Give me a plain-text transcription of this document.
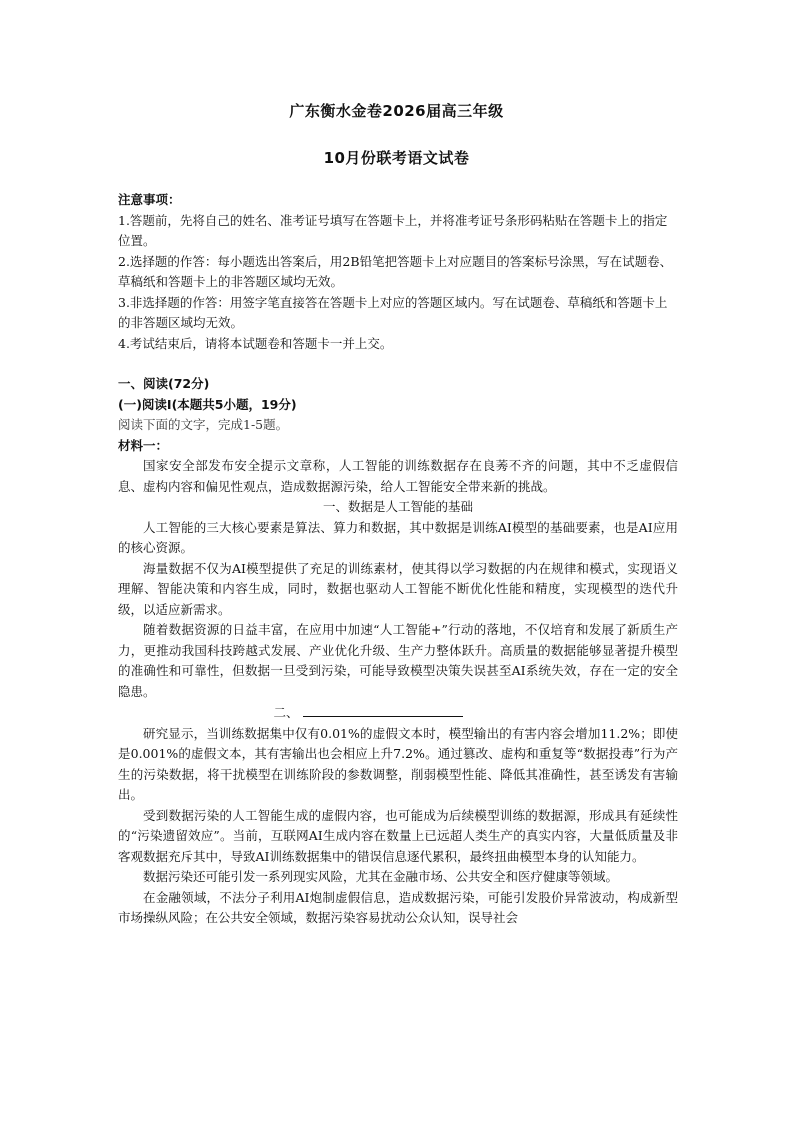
广东衡水金卷2026届高三年级
10月份联考语文试卷

注意事项：

1.答题前，先将自己的姓名、准考证号填写在答题卡上，并将准考证号条形码粘贴在答题卡上的指定位置。

2.选择题的作答：每小题选出答案后，用2B铅笔把答题卡上对应题目的答案标号涂黑，写在试题卷、草稿纸和答题卡上的非答题区域均无效。

3.非选择题的作答：用签字笔直接答在答题卡上对应的答题区域内。写在试题卷、草稿纸和答题卡上的非答题区域均无效。

4.考试结束后，请将本试题卷和答题卡一并上交。

一、阅读(72分)

(一)阅读Ⅰ(本题共5小题，19分)

阅读下面的文字，完成1-5题。

材料一：

国家安全部发布安全提示文章称，人工智能的训练数据存在良莠不齐的问题，其中不乏虚假信息、虚构内容和偏见性观点，造成数据源污染，给人工智能安全带来新的挑战。

一、数据是人工智能的基础

人工智能的三大核心要素是算法、算力和数据，其中数据是训练AI模型的基础要素，也是AI应用的核心资源。

海量数据不仅为AI模型提供了充足的训练素材，使其得以学习数据的内在规律和模式，实现语义理解、智能决策和内容生成，同时，数据也驱动人工智能不断优化性能和精度，实现模型的迭代升级，以适应新需求。

随着数据资源的日益丰富，在应用中加速“人工智能+”行动的落地，不仅培育和发展了新质生产力，更推动我国科技跨越式发展、产业优化升级、生产力整体跃升。高质量的数据能够显著提升模型的准确性和可靠性，但数据一旦受到污染，可能导致模型决策失误甚至AI系统失效，存在一定的安全隐患。

二、

研究显示，当训练数据集中仅有0.01%的虚假文本时，模型输出的有害内容会增加11.2%；即使是0.001%的虚假文本，其有害输出也会相应上升7.2%。通过篡改、虚构和重复等“数据投毒”行为产生的污染数据，将干扰模型在训练阶段的参数调整，削弱模型性能、降低其准确性，甚至诱发有害输出。

受到数据污染的人工智能生成的虚假内容，也可能成为后续模型训练的数据源，形成具有延续性的“污染遗留效应”。当前，互联网AI生成内容在数量上已远超人类生产的真实内容，大量低质量及非客观数据充斥其中，导致AI训练数据集中的错误信息逐代累积，最终扭曲模型本身的认知能力。

数据污染还可能引发一系列现实风险，尤其在金融市场、公共安全和医疗健康等领域。

在金融领域，不法分子利用AI炮制虚假信息，造成数据污染，可能引发股价异常波动，构成新型市场操纵风险；在公共安全领域，数据污染容易扰动公众认知，误导社会
